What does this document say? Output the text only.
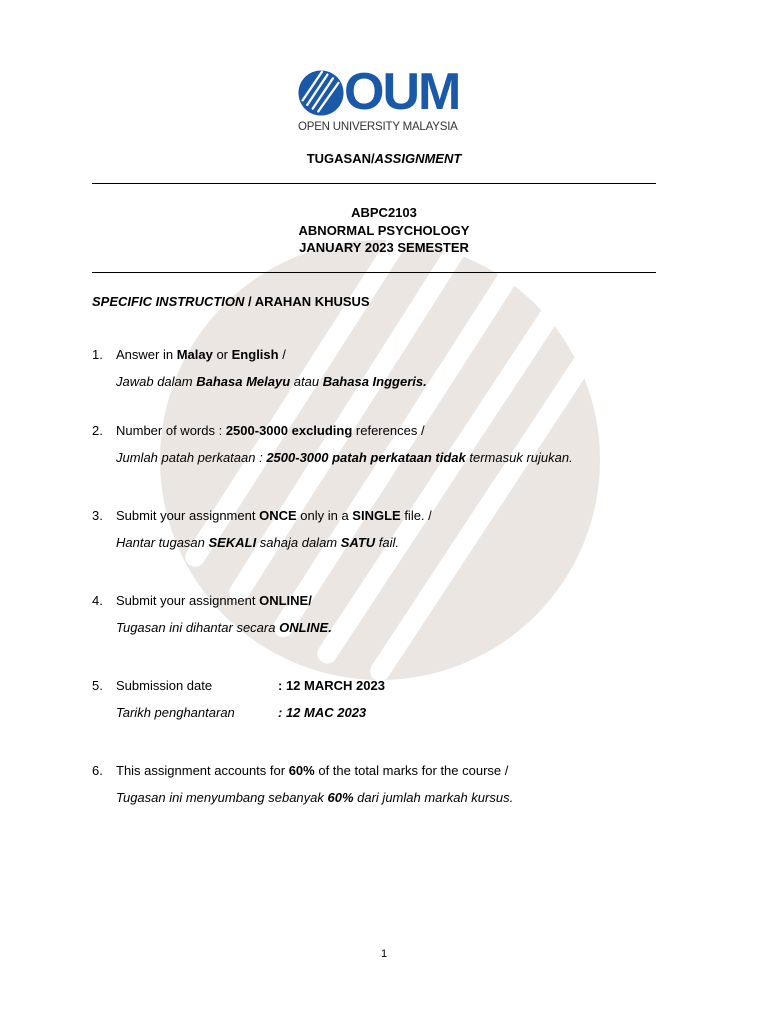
OUM
OPEN UNIVERSITY MALAYSIA
TUGASAN/ASSIGNMENT
ABPC2103
ABNORMAL PSYCHOLOGY
JANUARY 2023 SEMESTER
SPECIFIC INSTRUCTION / ARAHAN KHUSUS
1. Answer in Malay or English /
Jawab dalam Bahasa Melayu atau Bahasa Inggeris.
2. Number of words : 2500-3000 excluding references /
Jumlah patah perkataan : 2500-3000 patah perkataan tidak termasuk rujukan.
3. Submit your assignment ONCE only in a SINGLE file. /
Hantar tugasan SEKALI sahaja dalam SATU fail.
4. Submit your assignment ONLINE/
Tugasan ini dihantar secara ONLINE.
5. Submission date	: 12 MARCH 2023
Tarikh penghantaran	: 12 MAC 2023
6. This assignment accounts for 60% of the total marks for the course /
Tugasan ini menyumbang sebanyak 60% dari jumlah markah kursus.
1
